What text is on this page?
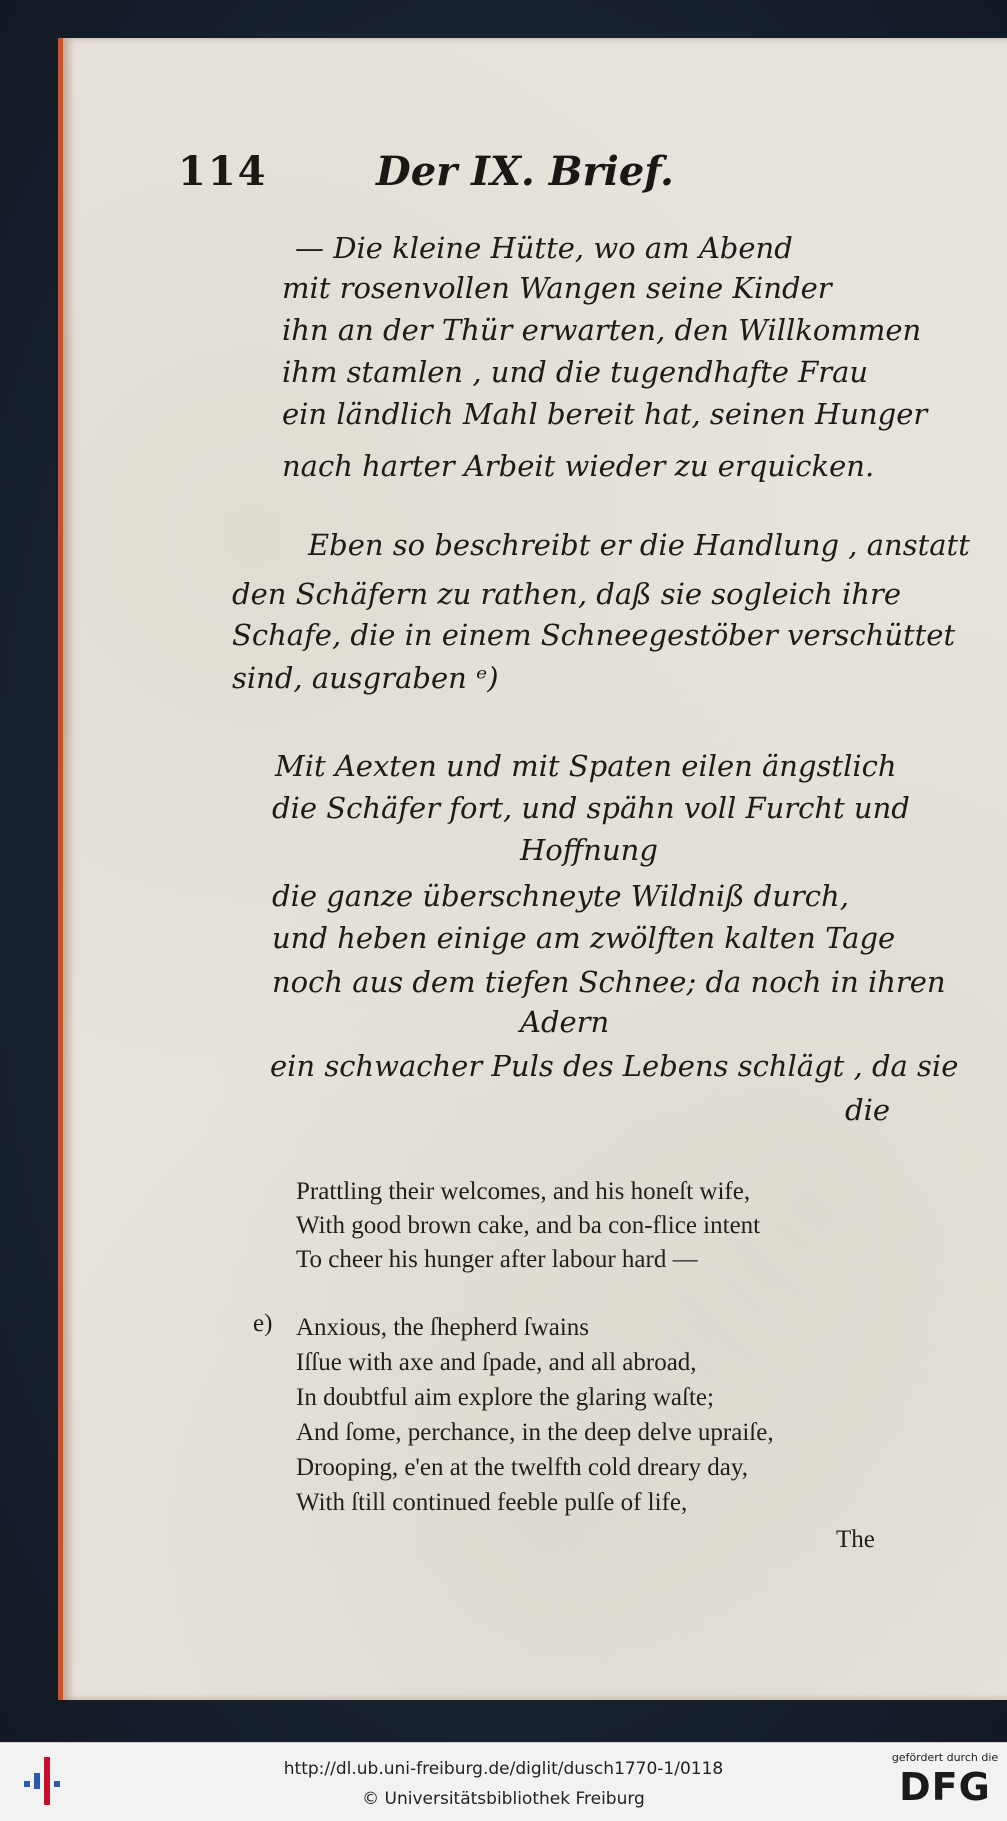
114	Der IX. Brief.
— Die kleine Hütte, wo am Abend
mit rosenvollen Wangen seine Kinder
ihn an der Thür erwarten, den Willkommen
ihm stamlen , und die tugendhafte Frau
ein ländlich Mahl bereit hat, seinen Hunger
nach harter Arbeit wieder zu erquicken.
Eben so beschreibt er die Handlung , anstatt
den Schäfern zu rathen, daß sie sogleich ihre
Schafe, die in einem Schneegestöber verschüttet
sind, ausgraben ᵉ)
Mit Aexten und mit Spaten eilen ängstlich
die Schäfer fort, und spähn voll Furcht und
Hoffnung
die ganze überschneyte Wildniß durch,
und heben einige am zwölften kalten Tage
noch aus dem tiefen Schnee; da noch in ihren
Adern
ein schwacher Puls des Lebens schlägt , da sie
die
Prattling their welcomes, and his honeſt wife,
With good brown cake, and ba con-flice intent
To cheer his hunger after labour hard —
e) Anxious, the ſhepherd ſwains
Iſſue with axe and ſpade, and all abroad,
In doubtful aim explore the glaring waſte;
And ſome, perchance, in the deep delve upraiſe,
Drooping, e'en at the twelfth cold dreary day,
With ſtill continued feeble pulſe of life,
The
http://dl.ub.uni-freiburg.de/diglit/dusch1770-1/0118
© Universitätsbibliothek Freiburg
gefördert durch die
DFG
